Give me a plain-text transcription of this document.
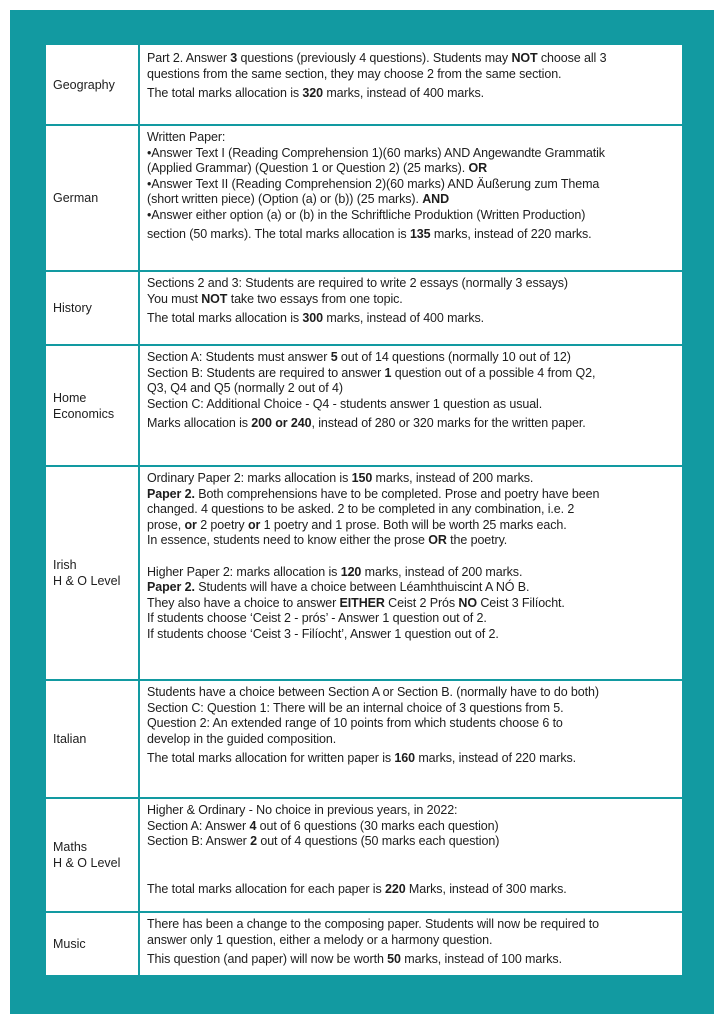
Geography
Part 2. Answer 3 questions (previously 4 questions). Students may NOT choose all 3
questions from the same section, they may choose 2 from the same section.
The total marks allocation is 320 marks, instead of 400 marks.
German
Written Paper:
•Answer Text I (Reading Comprehension 1)(60 marks) AND Angewandte Grammatik
(Applied Grammar) (Question 1 or Question 2) (25 marks). OR
•Answer Text II (Reading Comprehension 2)(60 marks) AND Äußerung zum Thema
(short written piece) (Option (a) or (b)) (25 marks). AND
•Answer either option (a) or (b) in the Schriftliche Produktion (Written Production)
section (50 marks). The total marks allocation is 135 marks, instead of 220 marks.
History
Sections 2 and 3: Students are required to write 2 essays (normally 3 essays)
You must NOT take two essays from one topic.
The total marks allocation is 300 marks, instead of 400 marks.
Home
Economics
Section A: Students must answer 5 out of 14 questions (normally 10 out of 12)
Section B: Students are required to answer 1 question out of a possible 4 from Q2,
Q3, Q4 and Q5 (normally 2 out of 4)
Section C: Additional Choice - Q4 - students answer 1 question as usual.
Marks allocation is 200 or 240, instead of 280 or 320 marks for the written paper.
Irish
H & O Level
Ordinary Paper 2: marks allocation is 150 marks, instead of 200 marks.
Paper 2. Both comprehensions have to be completed. Prose and poetry have been
changed. 4 questions to be asked. 2 to be completed in any combination, i.e. 2
prose, or 2 poetry or 1 poetry and 1 prose. Both will be worth 25 marks each.
In essence, students need to know either the prose OR the poetry.
Higher Paper 2: marks allocation is 120 marks, instead of 200 marks.
Paper 2. Students will have a choice between Léamhthuiscint A NÓ B.
They also have a choice to answer EITHER Ceist 2 Prós NO Ceist 3 Filíocht.
If students choose ‘Ceist 2 - prós’ - Answer 1 question out of 2.
If students choose ‘Ceist 3 - Filíocht’, Answer 1 question out of 2.
Italian
Students have a choice between Section A or Section B. (normally have to do both)
Section C: Question 1: There will be an internal choice of 3 questions from 5.
Question 2: An extended range of 10 points from which students choose 6 to
develop in the guided composition.
The total marks allocation for written paper is 160 marks, instead of 220 marks.
Maths
H & O Level
Higher & Ordinary - No choice in previous years, in 2022:
Section A: Answer 4 out of 6 questions (30 marks each question)
Section B: Answer 2 out of 4 questions (50 marks each question)
The total marks allocation for each paper is 220 Marks, instead of 300 marks.
Music
There has been a change to the composing paper. Students will now be required to
answer only 1 question, either a melody or a harmony question.
This question (and paper) will now be worth 50 marks, instead of 100 marks.
